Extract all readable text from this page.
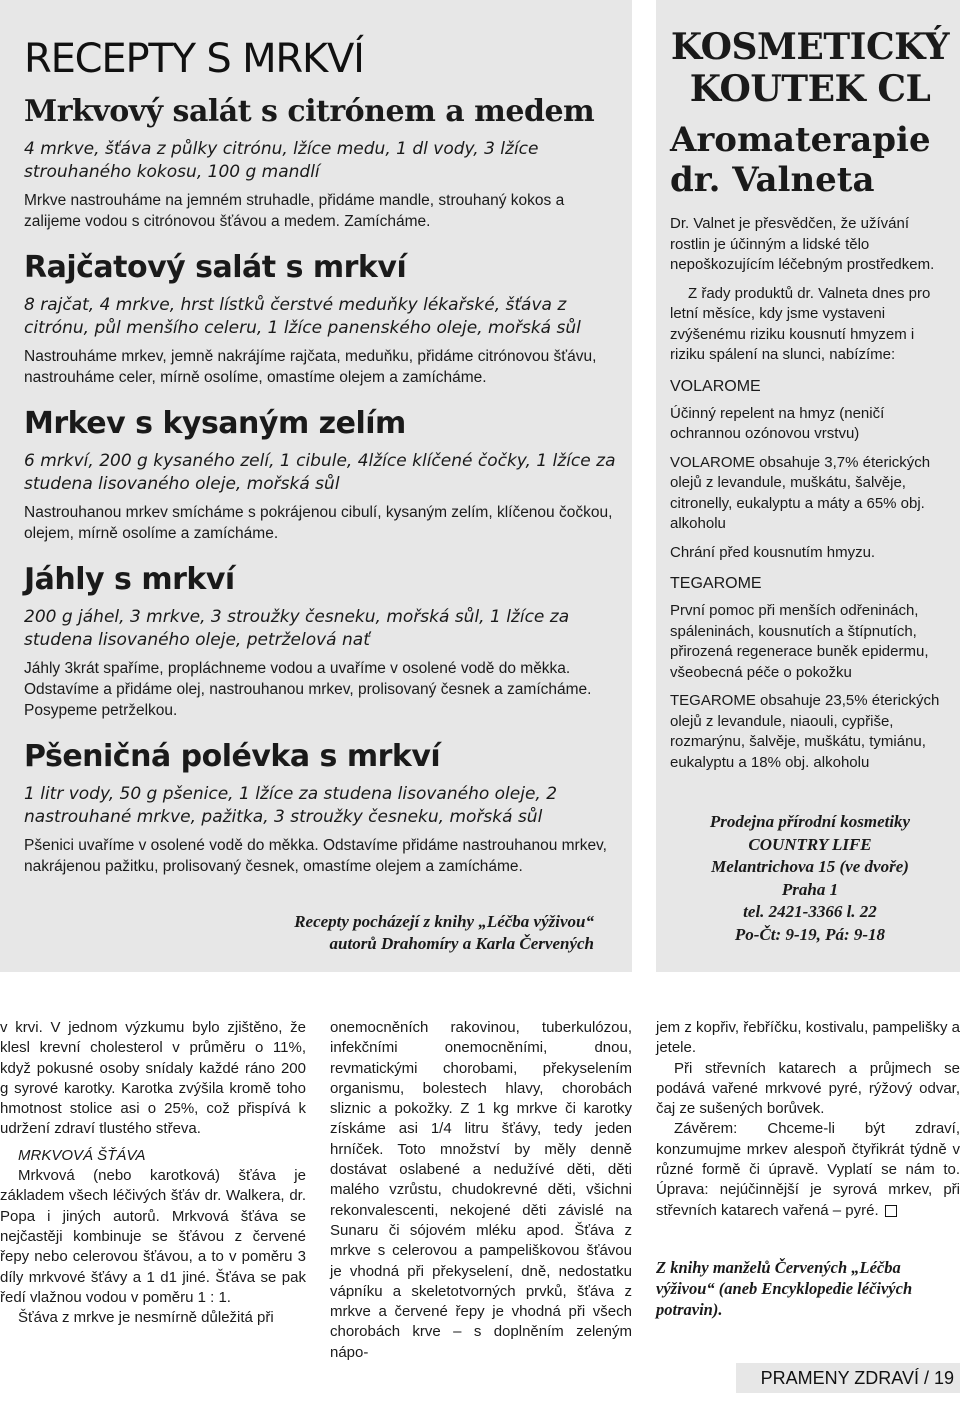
RECEPTY S MRKVÍ
Mrkvový salát s citrónem a medem

4 mrkve, šťáva z půlky citrónu, lžíce medu, 1 dl vody, 3 lžíce strouhaného kokosu, 100 g mandlí

Mrkve nastrouháme na jemném struhadle, přidáme mandle, strouhaný kokos a zalijeme vodou s citrónovou šťávou a medem. Zamícháme.

Rajčatový salát s mrkví

8 rajčat, 4 mrkve, hrst lístků čerstvé meduňky lékařské, šťáva z citrónu, půl menšího celeru, 1 lžíce panenského oleje, mořská sůl

Nastrouháme mrkev, jemně nakrájíme rajčata, meduňku, přidáme citrónovou šťávu, nastrouháme celer, mírně osolíme, omastíme olejem a zamícháme.

Mrkev s kysaným zelím

6 mrkví, 200 g kysaného zelí, 1 cibule, 4lžíce klíčené čočky, 1 lžíce za studena lisovaného oleje, mořská sůl

Nastrouhanou mrkev smícháme s pokrájenou cibulí, kysaným zelím, klíčenou čočkou, olejem, mírně osolíme a zamícháme.

Jáhly s mrkví

200 g jáhel, 3 mrkve, 3 stroužky česneku, mořská sůl, 1 lžíce za studena lisovaného oleje, petrželová nať

Jáhly 3krát spaříme, propláchneme vodou a uvaříme v osolené vodě do měkka. Odstavíme a přidáme olej, nastrouhanou mrkev, prolisovaný česnek a zamícháme. Posypeme petrželkou.

Pšeničná polévka s mrkví

1 litr vody, 50 g pšenice, 1 lžíce za studena lisovaného oleje, 2 nastrouhané mrkve, pažitka, 3 stroužky česneku, mořská sůl

Pšenici uvaříme v osolené vodě do měkka. Odstavíme přidáme nastrouhanou mrkev, nakrájenou pažitku, prolisovaný česnek, omastíme olejem a zamícháme.

Recepty pocházejí z knihy „Léčba výživou“
autorů Drahomíry a Karla Červených
KOSMETICKÝ KOUTEK CL
Aromaterapie dr. Valneta

Dr. Valnet je přesvědčen, že užívání rostlin je účinným a lidské tělo nepoškozujícím léčebným prostředkem.

Z řady produktů dr. Valneta dnes pro letní měsíce, kdy jsme vystaveni zvýšenému riziku kousnutí hmyzem i riziku spálení na slunci, nabízíme:

VOLAROME

Účinný repelent na hmyz (neničí ochrannou ozónovou vrstvu)

VOLAROME obsahuje 3,7% éterických olejů z levandule, muškátu, šalvěje, citronelly, eukalyptu a máty a 65% obj. alkoholu

Chrání před kousnutím hmyzu.

TEGAROME

První pomoc při menších odřeninách, spáleninách, kousnutích a štípnutích, přirozená regenerace buněk epidermu, všeobecná péče o pokožku

TEGAROME obsahuje 23,5% éterických olejů z levandule, niaouli, cypřiše, rozmarýnu, šalvěje, muškátu, tymiánu, eukalyptu a 18% obj. alkoholu

Prodejna přírodní kosmetiky
COUNTRY LIFE
Melantrichova 15 (ve dvoře)
Praha 1
tel. 2421-3366 l. 22
Po-Čt: 9-19, Pá: 9-18

v krvi. V jednom výzkumu bylo zjištěno, že klesl krevní cholesterol v průměru o 11%, když pokusné osoby snídaly každé ráno 200 g syrové karotky. Karotka zvýšila kromě toho hmotnost stolice asi o 25%, což přispívá k udržení zdraví tlustého střeva.

MRKVOVÁ ŠŤÁVA

Mrkvová (nebo karotková) šťáva je základem všech léčivých šťáv dr. Walkera, dr. Popa i jiných autorů. Mrkvová šťáva se nejčastěji kombinuje se šťávou z červené řepy nebo celerovou šťávou, a to v poměru 3 díly mrkvové šťávy a 1 d1 jiné. Šťáva se pak ředí vlažnou vodou v poměru 1 : 1.

Šťáva z mrkve je nesmírně důležitá při

onemocněních rakovinou, tuberkulózou, infekčními onemocněními, dnou, revmatickými chorobami, překyselením organismu, bolestech hlavy, chorobách sliznic a pokožky. Z 1 kg mrkve či karotky získáme asi 1/4 litru šťávy, tedy jeden hrníček. Toto množství by měly denně dostávat oslabené a nedužívé děti, děti malého vzrůstu, chudokrevné děti, všichni rekonvalescenti, nekojené děti závislé na Sunaru či sójovém mléku apod. Šťáva z mrkve s celerovou a pampeliškovou šťávou je vhodná při překyselení, dně, nedostatku vápníku a skeletotvorných prvků, šťáva z mrkve a červené řepy je vhodná při všech chorobách krve – s doplněním zeleným nápo-

jem z kopřiv, řebříčku, kostivalu, pampelišky a jetele.

Při střevních katarech a průjmech se podává vařené mrkvové pyré, rýžový odvar, čaj ze sušených borůvek.

Závěrem: Chceme-li být zdraví, konzumujme mrkev alespoň čtyřikrát týdně v různé formě či úpravě. Vyplatí se nám to. Úprava: nejúčinnější je syrová mrkev, při střevních katarech vařená – pyré.

Z knihy manželů Červených „Léčba výživou“ (aneb Encyklopedie léčivých potravin).

PRAMENY ZDRAVÍ / 19
